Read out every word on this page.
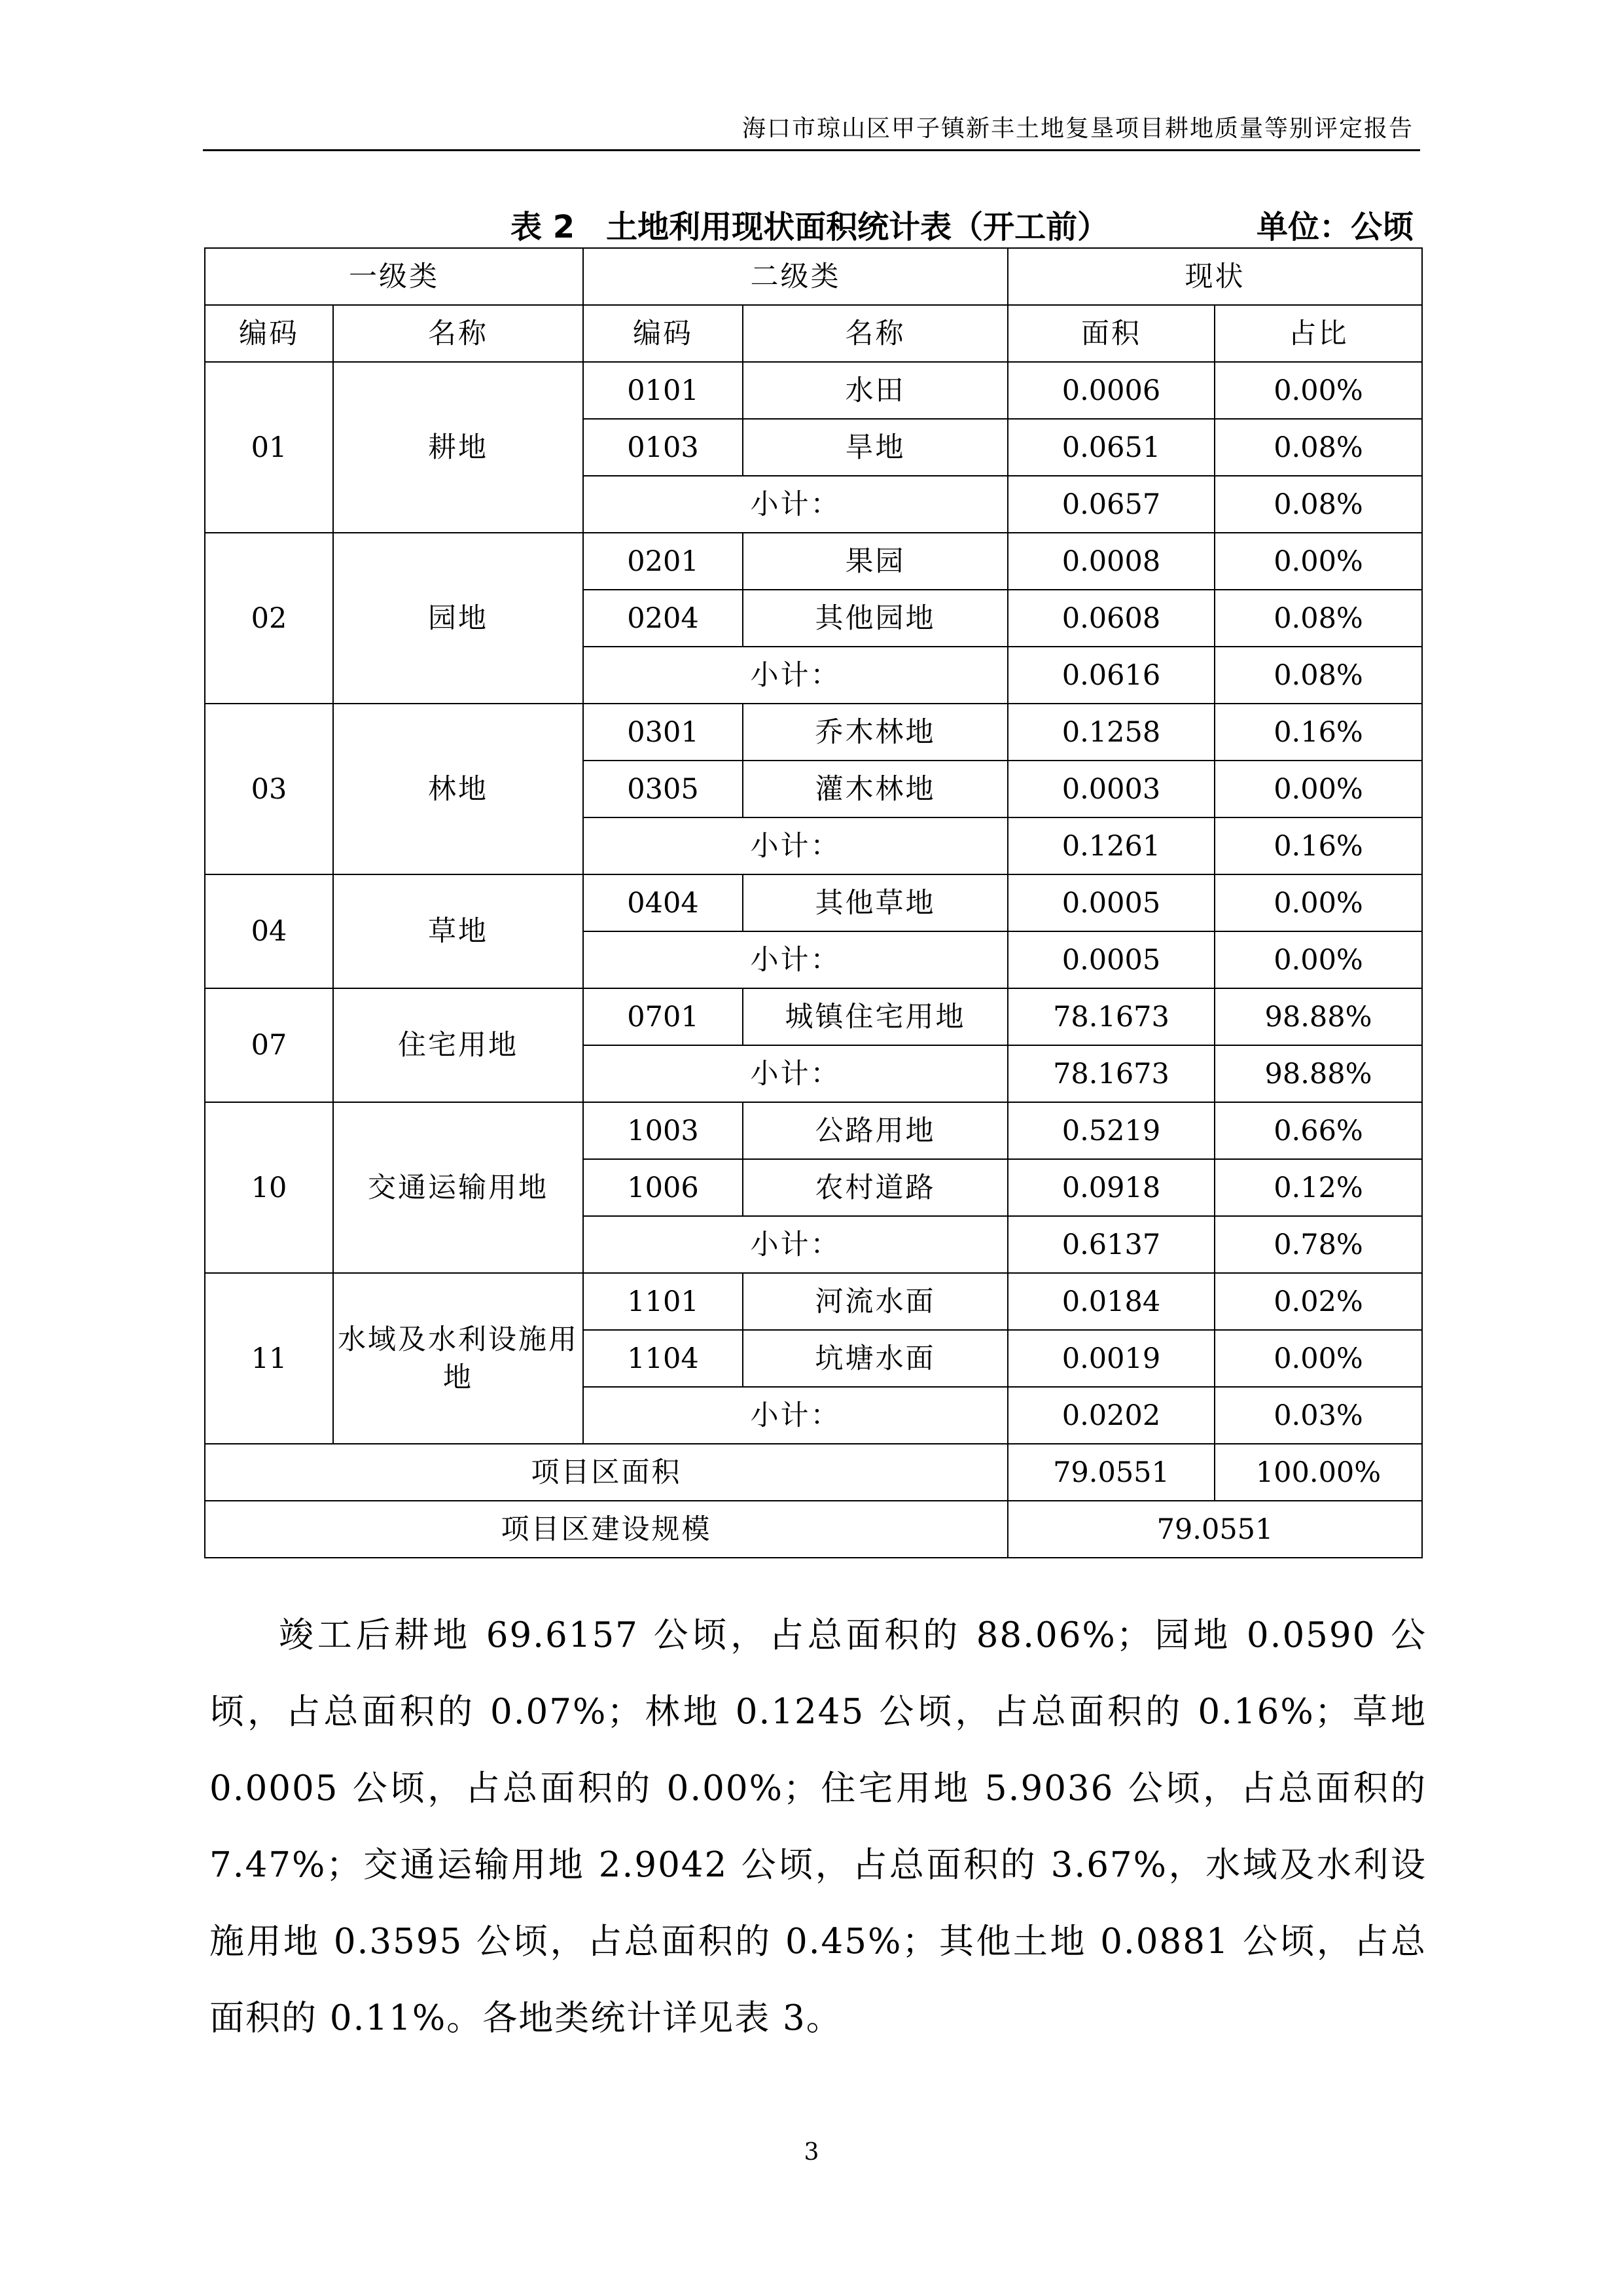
海口市琼山区甲子镇新丰土地复垦项目耕地质量等别评定报告
表 2　土地利用现状面积统计表（开工前）	单位：公顷
一级类		二级类		现状	
编码	名称	编码	名称	面积	占比
01	耕地	0101	水田	0.0006	0.00%
		0103	旱地	0.0651	0.08%
		小计：		0.0657	0.08%
02	园地	0201	果园	0.0008	0.00%
		0204	其他园地	0.0608	0.08%
		小计：		0.0616	0.08%
03	林地	0301	乔木林地	0.1258	0.16%
		0305	灌木林地	0.0003	0.00%
		小计：		0.1261	0.16%
04	草地	0404	其他草地	0.0005	0.00%
		小计：		0.0005	0.00%
07	住宅用地	0701	城镇住宅用地	78.1673	98.88%
		小计：		78.1673	98.88%
10	交通运输用地	1003	公路用地	0.5219	0.66%
		1006	农村道路	0.0918	0.12%
		小计：		0.6137	0.78%
11	水域及水利设施用地	1101	河流水面	0.0184	0.02%
		1104	坑塘水面	0.0019	0.00%
		小计：		0.0202	0.03%
项目区面积				79.0551	100.00%
项目区建设规模				79.0551	
竣工后耕地 69.6157 公顷，占总面积的 88.06%；园地 0.0590 公顷，占总面积的 0.07%；林地 0.1245 公顷，占总面积的 0.16%；草地 0.0005 公顷，占总面积的 0.00%；住宅用地 5.9036 公顷，占总面积的 7.47%；交通运输用地 2.9042 公顷，占总面积的 3.67%，水域及水利设施用地 0.3595 公顷，占总面积的 0.45%；其他土地 0.0881 公顷，占总面积的 0.11%。各地类统计详见表 3。
3
